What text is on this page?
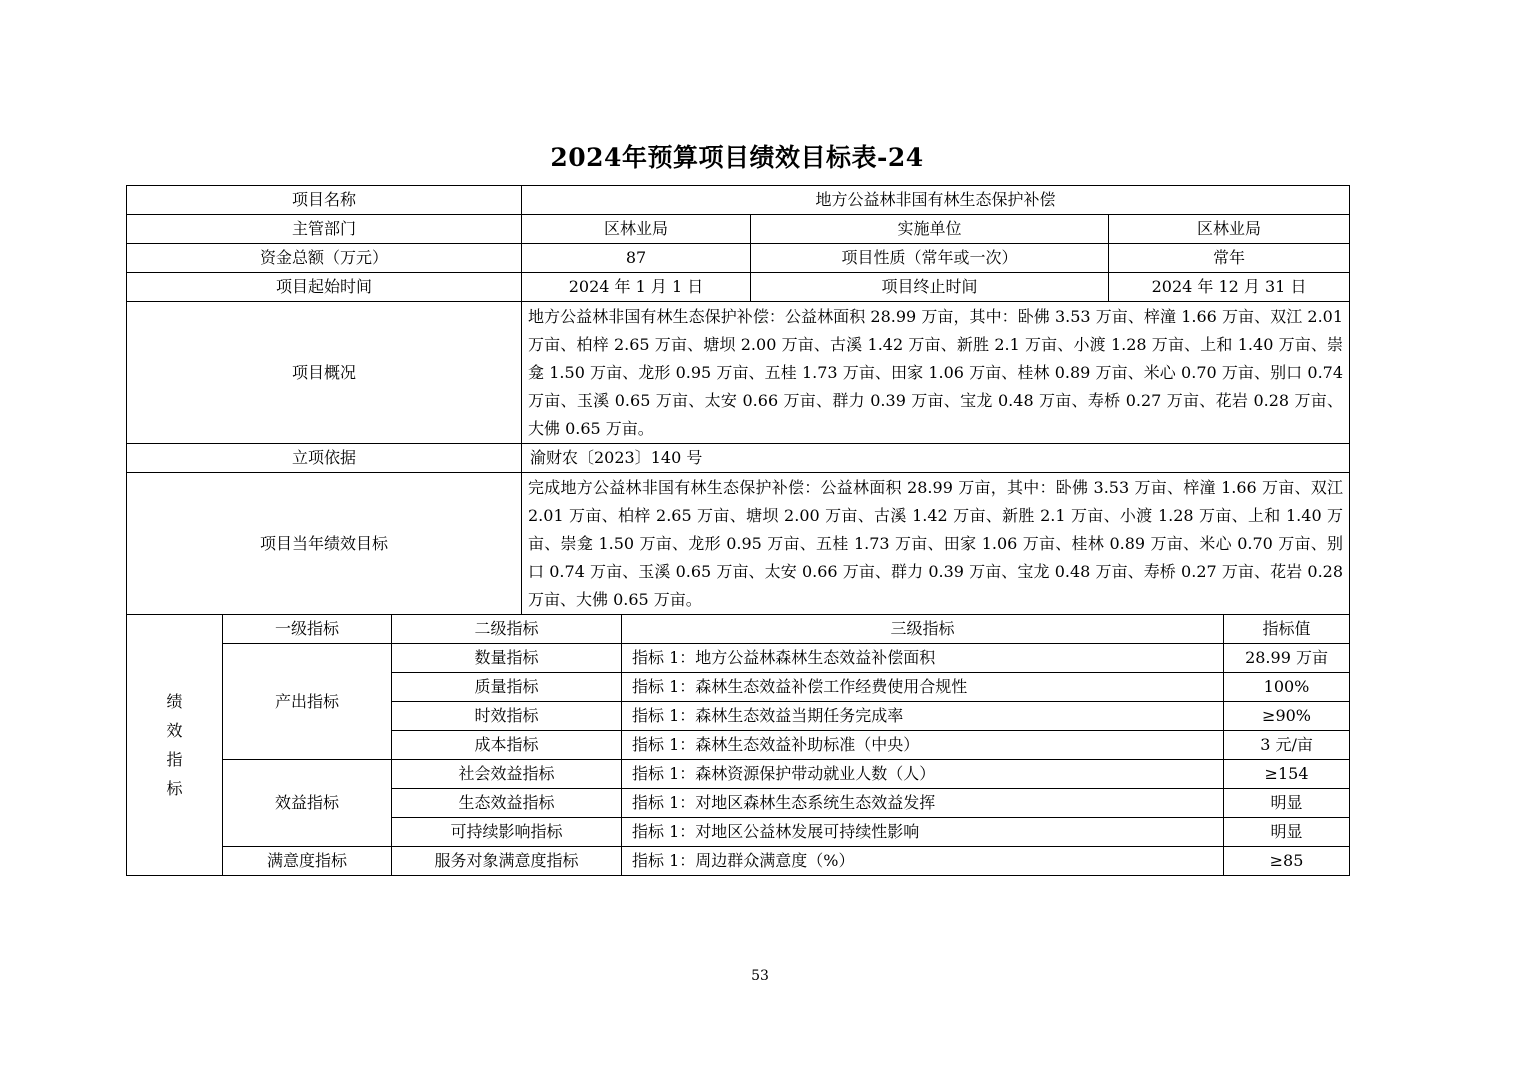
2024年预算项目绩效目标表-24
项目名称			地方公益林非国有林生态保护补偿				
主管部门			区林业局		实施单位	区林业局	
资金总额（万元）			87		项目性质（常年或一次）	常年	
项目起始时间			2024 年 1 月 1 日		项目终止时间	2024 年 12 月 31 日	
项目概况			地方公益林非国有林生态保护补偿：公益林面积 28.99 万亩，其中：卧佛 3.53 万亩、梓潼 1.66 万亩、双江 2.01 万亩、柏梓 2.65 万亩、塘坝 2.00 万亩、古溪 1.42 万亩、新胜 2.1 万亩、小渡 1.28 万亩、上和 1.40 万亩、崇龛 1.50 万亩、龙形 0.95 万亩、五桂 1.73 万亩、田家 1.06 万亩、桂林 0.89 万亩、米心 0.70 万亩、别口 0.74 万亩、玉溪 0.65 万亩、太安 0.66 万亩、群力 0.39 万亩、宝龙 0.48 万亩、寿桥 0.27 万亩、花岩 0.28 万亩、大佛 0.65 万亩。				
立项依据			渝财农〔2023〕140 号				
项目当年绩效目标			完成地方公益林非国有林生态保护补偿：公益林面积 28.99 万亩，其中：卧佛 3.53 万亩、梓潼 1.66 万亩、双江 2.01 万亩、柏梓 2.65 万亩、塘坝 2.00 万亩、古溪 1.42 万亩、新胜 2.1 万亩、小渡 1.28 万亩、上和 1.40 万亩、崇龛 1.50 万亩、龙形 0.95 万亩、五桂 1.73 万亩、田家 1.06 万亩、桂林 0.89 万亩、米心 0.70 万亩、别口 0.74 万亩、玉溪 0.65 万亩、太安 0.66 万亩、群力 0.39 万亩、宝龙 0.48 万亩、寿桥 0.27 万亩、花岩 0.28 万亩、大佛 0.65 万亩。				

绩
效
指
标	一级指标	二级指标		三级指标			指标值
	产出指标	数量指标		指标 1：地方公益林森林生态效益补偿面积			28.99 万亩
		质量指标		指标 1：森林生态效益补偿工作经费使用合规性			100%
		时效指标		指标 1：森林生态效益当期任务完成率			≥90%
		成本指标		指标 1：森林生态效益补助标准（中央）			3 元/亩
	效益指标	社会效益指标		指标 1：森林资源保护带动就业人数（人）			≥154
		生态效益指标		指标 1：对地区森林生态系统生态效益发挥			明显
		可持续影响指标		指标 1：对地区公益林发展可持续性影响			明显
	满意度指标	服务对象满意度指标		指标 1：周边群众满意度（%）			≥85
53
